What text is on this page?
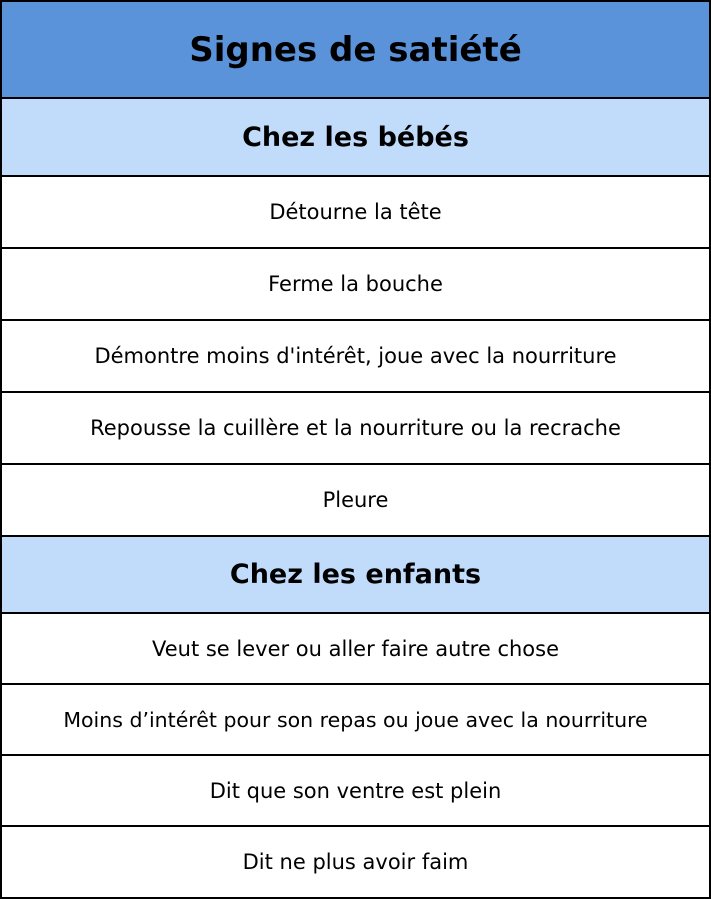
Signes de satiété
Chez les bébés
Détourne la tête
Ferme la bouche
Démontre moins d'intérêt, joue avec la nourriture
Repousse la cuillère et la nourriture ou la recrache
Pleure
Chez les enfants
Veut se lever ou aller faire autre chose
Moins d’intérêt pour son repas ou joue avec la nourriture
Dit que son ventre est plein
Dit ne plus avoir faim
